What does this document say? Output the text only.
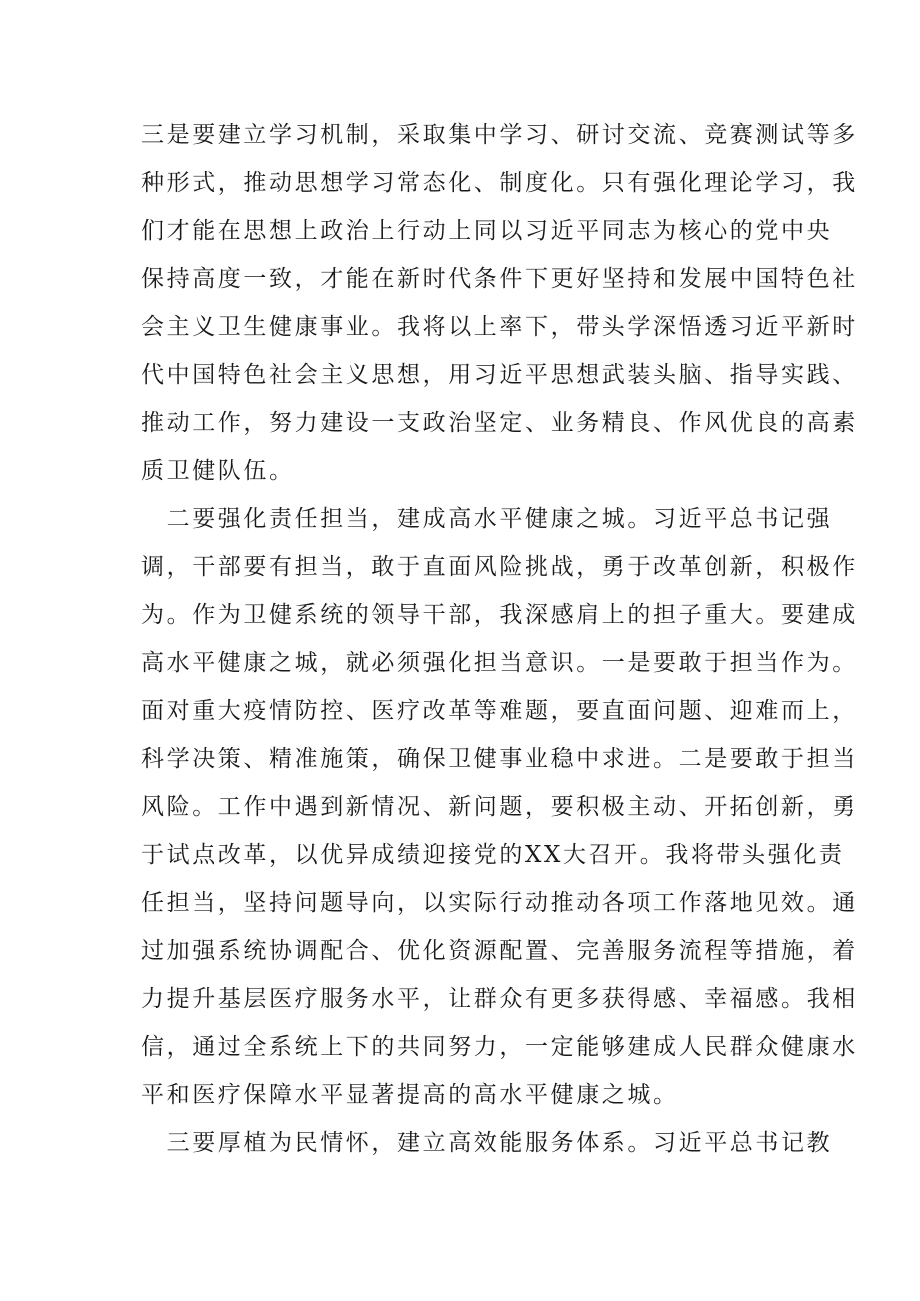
三是要建立学习机制，采取集中学习、研讨交流、竞赛测试等多
种形式，推动思想学习常态化、制度化。只有强化理论学习，我
们才能在思想上政治上行动上同以习近平同志为核心的党中央
保持高度一致，才能在新时代条件下更好坚持和发展中国特色社
会主义卫生健康事业。我将以上率下，带头学深悟透习近平新时
代中国特色社会主义思想，用习近平思想武装头脑、指导实践、
推动工作，努力建设一支政治坚定、业务精良、作风优良的高素
质卫健队伍。
　二要强化责任担当，建成高水平健康之城。习近平总书记强
调，干部要有担当，敢于直面风险挑战，勇于改革创新，积极作
为。作为卫健系统的领导干部，我深感肩上的担子重大。要建成
高水平健康之城，就必须强化担当意识。一是要敢于担当作为。
面对重大疫情防控、医疗改革等难题，要直面问题、迎难而上，
科学决策、精准施策，确保卫健事业稳中求进。二是要敢于担当
风险。工作中遇到新情况、新问题，要积极主动、开拓创新，勇
于试点改革，以优异成绩迎接党的XX大召开。我将带头强化责
任担当，坚持问题导向，以实际行动推动各项工作落地见效。通
过加强系统协调配合、优化资源配置、完善服务流程等措施，着
力提升基层医疗服务水平，让群众有更多获得感、幸福感。我相
信，通过全系统上下的共同努力，一定能够建成人民群众健康水
平和医疗保障水平显著提高的高水平健康之城。
　三要厚植为民情怀，建立高效能服务体系。习近平总书记教
